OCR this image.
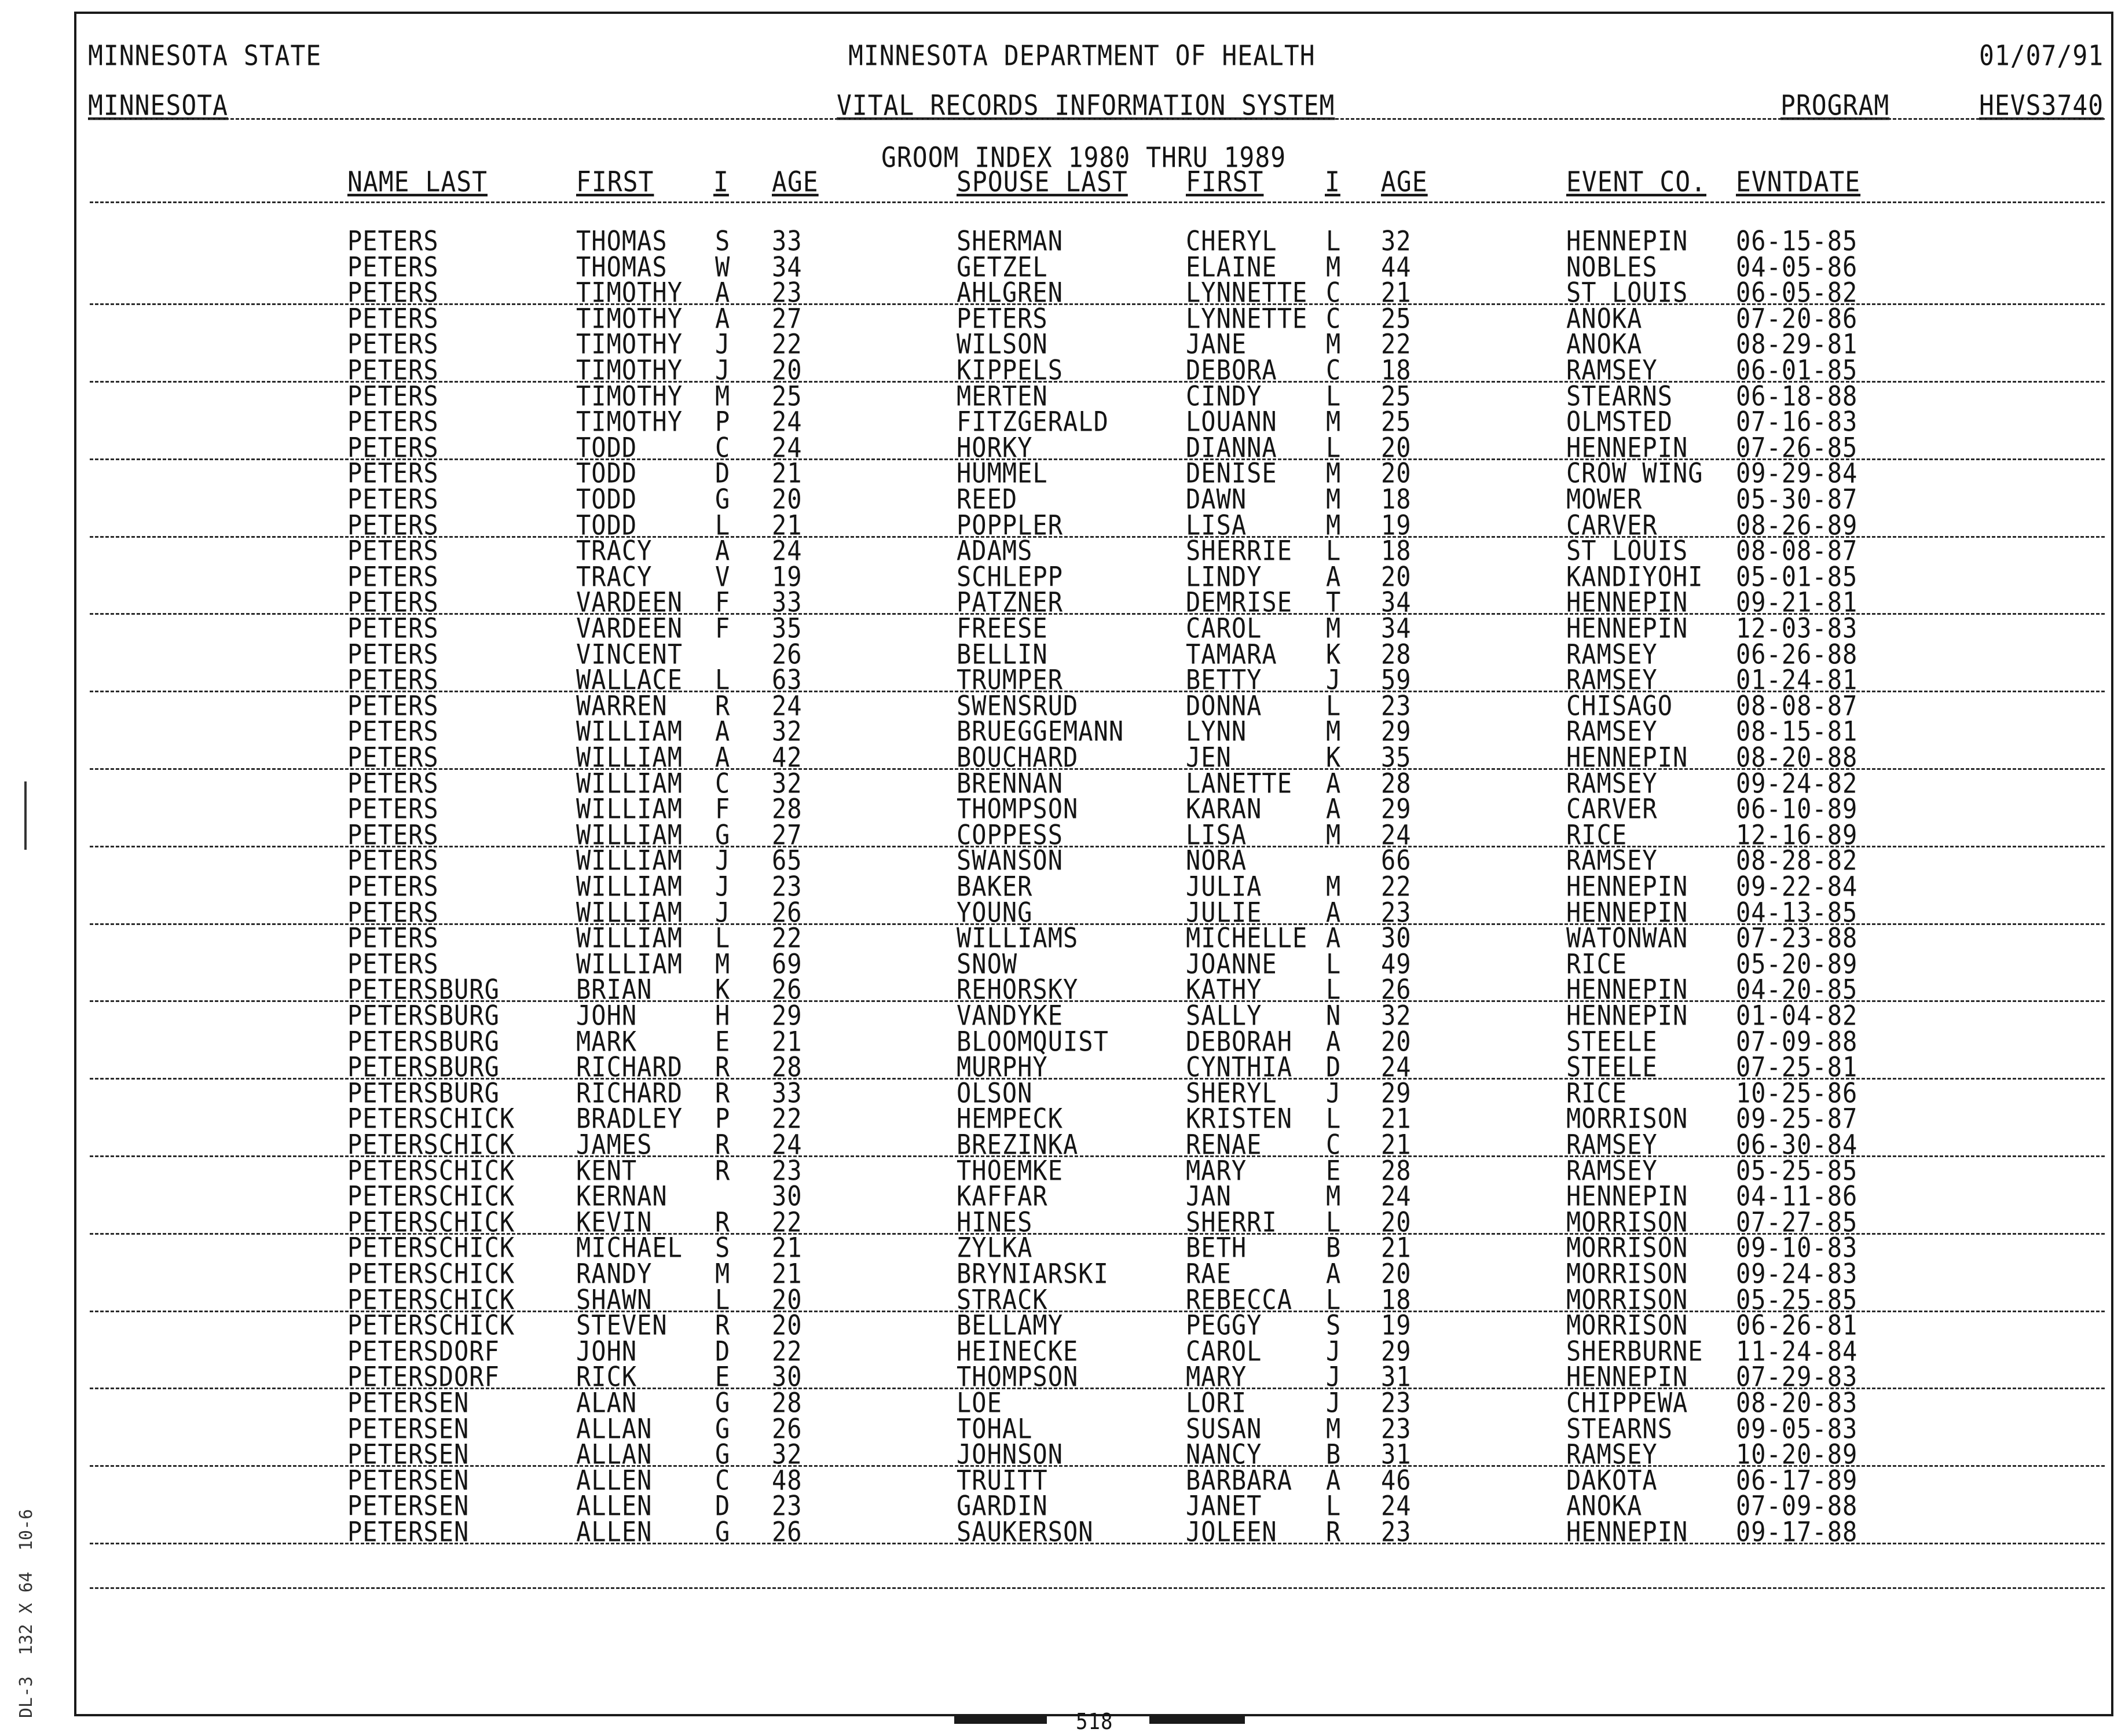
MINNESOTA STATE	MINNESOTA DEPARTMENT OF HEALTH	01/07/91
MINNESOTA	VITAL RECORDS INFORMATION SYSTEM	PROGRAM	HEVS3740
GROOM INDEX 1980 THRU 1989
NAME LAST	FIRST I AGE	SPOUSE LAST FIRST I AGE	EVENT CO. EVNTDATE
PETERS	THOMAS S 33	SHERMAN	CHERYL L 32	HENNEPIN 06-15-85
PETERS	THOMAS W 34	GETZEL	ELAINE M 44	NOBLES	04-05-86
PETERS	TIMOTHY A 23	AHLGREN	LYNNETTE C 21	ST LOUIS 06-05-82
PETERS	TIMOTHY A 27	PETERS	LYNNETTE C 25	ANOKA	07-20-86
PETERS	TIMOTHY J 22	WILSON	JANE	M 22	ANOKA	08-29-81
PETERS	TIMOTHY J 20	KIPPELS	DEBORA C 18	RAMSEY	06-01-85
PETERS	TIMOTHY M 25	MERTEN	CINDY	L 25	STEARNS	06-18-88
PETERS	TIMOTHY P 24	FITZGERALD	LOUANN M 25	OLMSTED	07-16-83
PETERS	TODD	C 24	HORKY	DIANNA L 20	HENNEPIN 07-26-85
PETERS	TODD	D 21	HUMMEL	DENISE M 20	CROW WING 09-29-84
PETERS	TODD	G 20	REED	DAWN	M 18	MOWER	05-30-87
PETERS	TODD	L 21	POPPLER	LISA	M 19	CARVER	08-26-89
PETERS	TRACY	A 24	ADAMS	SHERRIE L 18	ST LOUIS 08-08-87
PETERS	TRACY	V 19	SCHLEPP	LINDY	A 20	KANDIYOHI 05-01-85
PETERS	VARDEEN F 33	PATZNER	DEMRISE T 34	HENNEPIN 09-21-81
PETERS	VARDEEN F 35	FREESE	CAROL	M 34	HENNEPIN 12-03-83
PETERS	VINCENT	26	BELLIN	TAMARA K 28	RAMSEY	06-26-88
PETERS	WALLACE L 63	TRUMPER	BETTY	J 59	RAMSEY	01-24-81
PETERS	WARREN R 24	SWENSRUD	DONNA	L 23	CHISAGO	08-08-87
PETERS	WILLIAM A 32	BRUEGGEMANN	LYNN	M 29	RAMSEY	08-15-81
PETERS	WILLIAM A 42	BOUCHARD	JEN	K 35	HENNEPIN 08-20-88
PETERS	WILLIAM C 32	BRENNAN	LANETTE A 28	RAMSEY	09-24-82
PETERS	WILLIAM F 28	THOMPSON	KARAN	A 29	CARVER	06-10-89
PETERS	WILLIAM G 27	COPPESS	LISA	M 24	RICE	12-16-89
PETERS	WILLIAM J 65	SWANSON	NORA	66	RAMSEY	08-28-82
PETERS	WILLIAM J 23	BAKER	JULIA	M 22	HENNEPIN 09-22-84
PETERS	WILLIAM J 26	YOUNG	JULIE	A 23	HENNEPIN 04-13-85
PETERS	WILLIAM L 22	WILLIAMS	MICHELLE A 30	WATONWAN 07-23-88
PETERS	WILLIAM M 69	SNOW	JOANNE L 49	RICE	05-20-89
PETERSBURG	BRIAN	K 26	REHORSKY	KATHY	L 26	HENNEPIN 04-20-85
PETERSBURG	JOHN	H 29	VANDYKE	SALLY	N 32	HENNEPIN 01-04-82
PETERSBURG	MARK	E 21	BLOOMQUIST	DEBORAH A 20	STEELE	07-09-88
PETERSBURG	RICHARD R 28	MURPHY	CYNTHIA D 24	STEELE	07-25-81
PETERSBURG	RICHARD R 33	OLSON	SHERYL J 29	RICE	10-25-86
PETERSCHICK	BRADLEY P 22	HEMPECK	KRISTEN L 21	MORRISON 09-25-87
PETERSCHICK	JAMES	R 24	BREZINKA	RENAE	C 21	RAMSEY	06-30-84
PETERSCHICK	KENT	R 23	THOEMKE	MARY	E 28	RAMSEY	05-25-85
PETERSCHICK	KERNAN	30	KAFFAR	JAN	M 24	HENNEPIN 04-11-86
PETERSCHICK	KEVIN	R 22	HINES	SHERRI L 20	MORRISON 07-27-85
PETERSCHICK	MICHAEL S 21	ZYLKA	BETH	B 21	MORRISON 09-10-83
PETERSCHICK	RANDY	M 21	BRYNIARSKI	RAE	A 20	MORRISON 09-24-83
PETERSCHICK	SHAWN	L 20	STRACK	REBECCA L 18	MORRISON 05-25-85
PETERSCHICK	STEVEN R 20	BELLAMY	PEGGY	S 19	MORRISON 06-26-81
PETERSDORF	JOHN	D 22	HEINECKE	CAROL	J 29	SHERBURNE 11-24-84
PETERSDORF	RICK	E 30	THOMPSON	MARY	J 31	HENNEPIN 07-29-83
PETERSEN	ALAN	G 28	LOE	LORI	J 23	CHIPPEWA 08-20-83
PETERSEN	ALLAN	G 26	TOHAL	SUSAN	M 23	STEARNS	09-05-83
PETERSEN	ALLAN	G 32	JOHNSON	NANCY	B 31	RAMSEY	10-20-89
PETERSEN	ALLEN	C 48	TRUITT	BARBARA A 46	DAKOTA	06-17-89
PETERSEN	ALLEN	D 23	GARDIN	JANET	L 24	ANOKA	07-09-88
PETERSEN	ALLEN	G 26	SAUKERSON	JOLEEN R 23	HENNEPIN 09-17-88
DL-3  132 X 64  10-6
518
